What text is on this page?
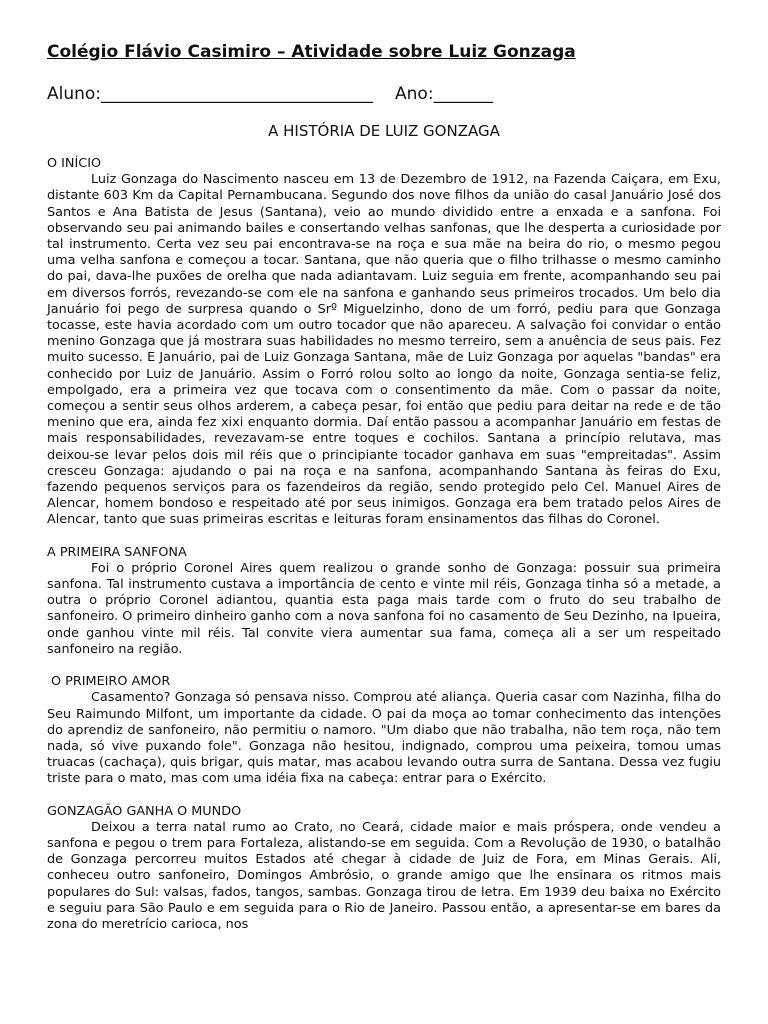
Colégio Flávio Casimiro – Atividade sobre Luiz Gonzaga
Aluno:________________________________ Ano:_______
A HISTÓRIA DE LUIZ GONZAGA
O INÍCIO

Luiz Gonzaga do Nascimento nasceu em 13 de Dezembro de 1912, na Fazenda Caiçara, em Exu, distante 603 Km da Capital Pernambucana. Segundo dos nove filhos da união do casal Januário José dos Santos e Ana Batista de Jesus (Santana), veio ao mundo dividido entre a enxada e a sanfona. Foi observando seu pai animando bailes e consertando velhas sanfonas, que lhe desperta a curiosidade por tal instrumento. Certa vez seu pai encontrava-se na roça e sua mãe na beira do rio, o mesmo pegou uma velha sanfona e começou a tocar. Santana, que não queria que o filho trilhasse o mesmo caminho do pai, dava-lhe puxões de orelha que nada adiantavam. Luiz seguia em frente, acompanhando seu pai em diversos forrós, revezando-se com ele na sanfona e ganhando seus primeiros trocados. Um belo dia Januário foi pego de surpresa quando o Srº Miguelzinho, dono de um forró, pediu para que Gonzaga tocasse, este havia acordado com um outro tocador que não apareceu. A salvação foi convidar o então menino Gonzaga que já mostrara suas habilidades no mesmo terreiro, sem a anuência de seus pais. Fez muito sucesso. E Januário, pai de Luiz Gonzaga Santana, mãe de Luiz Gonzaga por aquelas "bandas" era conhecido por Luiz de Januário. Assim o Forró rolou solto ao longo da noite, Gonzaga sentia-se feliz, empolgado, era a primeira vez que tocava com o consentimento da mãe. Com o passar da noite, começou a sentir seus olhos arderem, a cabeça pesar, foi então que pediu para deitar na rede e de tão menino que era, ainda fez xixi enquanto dormia. Daí então passou a acompanhar Januário em festas de mais responsabilidades, revezavam-se entre toques e cochilos. Santana a princípio relutava, mas deixou-se levar pelos dois mil réis que o principiante tocador ganhava em suas "empreitadas". Assim cresceu Gonzaga: ajudando o pai na roça e na sanfona, acompanhando Santana às feiras do Exu, fazendo pequenos serviços para os fazendeiros da região, sendo protegido pelo Cel. Manuel Aires de Alencar, homem bondoso e respeitado até por seus inimigos. Gonzaga era bem tratado pelos Aires de Alencar, tanto que suas primeiras escritas e leituras foram ensinamentos das filhas do Coronel.

A PRIMEIRA SANFONA

Foi o próprio Coronel Aires quem realizou o grande sonho de Gonzaga: possuir sua primeira sanfona. Tal instrumento custava a importância de cento e vinte mil réis, Gonzaga tinha só a metade, a outra o próprio Coronel adiantou, quantia esta paga mais tarde com o fruto do seu trabalho de sanfoneiro. O primeiro dinheiro ganho com a nova sanfona foi no casamento de Seu Dezinho, na Ipueira, onde ganhou vinte mil réis. Tal convite viera aumentar sua fama, começa ali a ser um respeitado sanfoneiro na região.

O PRIMEIRO AMOR

Casamento? Gonzaga só pensava nisso. Comprou até aliança. Queria casar com Nazinha, filha do Seu Raimundo Milfont, um importante da cidade. O pai da moça ao tomar conhecimento das intenções do aprendiz de sanfoneiro, não permitiu o namoro. "Um diabo que não trabalha, não tem roça, não tem nada, só vive puxando fole". Gonzaga não hesitou, indignado, comprou uma peixeira, tomou umas truacas (cachaça), quis brigar, quis matar, mas acabou levando outra surra de Santana. Dessa vez fugiu triste para o mato, mas com uma idéia fixa na cabeça: entrar para o Exército.

GONZAGÃO GANHA O MUNDO

Deixou a terra natal rumo ao Crato, no Ceará, cidade maior e mais próspera, onde vendeu a sanfona e pegou o trem para Fortaleza, alistando-se em seguida. Com a Revolução de 1930, o batalhão de Gonzaga percorreu muitos Estados até chegar à cidade de Juiz de Fora, em Minas Gerais. Ali, conheceu outro sanfoneiro, Domingos Ambrósio, o grande amigo que lhe ensinara os ritmos mais populares do Sul: valsas, fados, tangos, sambas. Gonzaga tirou de letra. Em 1939 deu baixa no Exército e seguiu para São Paulo e em seguida para o Rio de Janeiro. Passou então, a apresentar-se em bares da zona do meretrício carioca, nos
